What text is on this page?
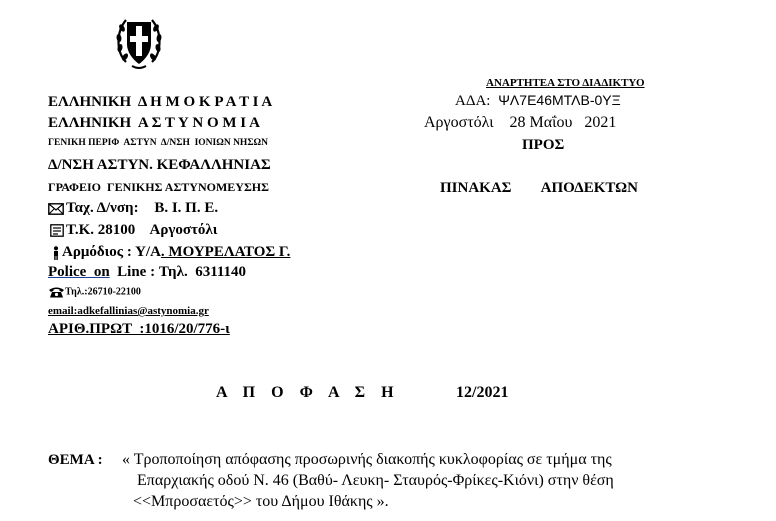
ΑΝΑΡΤΗΤΕΑ ΣΤΟ ΔΙΑΔΙΚΤΥΟ
ΑΔΑ: ΨΛ7Ε46ΜΤΛΒ-0ΥΞ
Αργοστόλι    28 Μαΐου   2021
ΠΡΟΣ
ΠΙΝΑΚΑΣ        ΑΠΟΔΕΚΤΩΝ
ΕΛΛΗΝΙΚΗ  Δ Η Μ Ο Κ Ρ Α Τ Ι Α
ΕΛΛΗΝΙΚΗ  Α Σ Τ Υ Ν Ο Μ Ι Α
ΓΕΝΙΚΗ ΠΕΡΙΦ  ΑΣΤΥΝ  Δ/ΝΣΗ  ΙΟΝΙΩΝ ΝΗΣΩΝ
Δ/ΝΣΗ ΑΣΤΥΝ. ΚΕΦΑΛΛΗΝΙΑΣ
ΓΡΑΦΕΙΟ  ΓΕΝΙΚΗΣ ΑΣΤΥΝΟΜΕΥΣΗΣ
Ταχ. Δ/νση: Β. Ι. Π. Ε.
Τ.Κ. 28100    Αργοστόλι
Αρμόδιος : Υ/Α. ΜΟΥΡΕΛΑΤΟΣ Γ.
Police  on  Line : Τηλ.  6311140
Τηλ.:26710-22100
email:adkefallinias@astynomia.gr
ΑΡΙΘ.ΠΡΩΤ  :1016/20/776-ι
Α    Π    Ο    Φ    Α    Σ    Η	12/2021
ΘΕΜΑ : « Τροποποίηση απόφασης προσωρινής διακοπής κυκλοφορίας σε τμήμα της
Επαρχιακής οδού Ν. 46 (Βαθύ- Λευκη- Σταυρός-Φρίκες-Κιόνι) στην θέση
<<Μπροσαετός>> του Δήμου Ιθάκης ».
